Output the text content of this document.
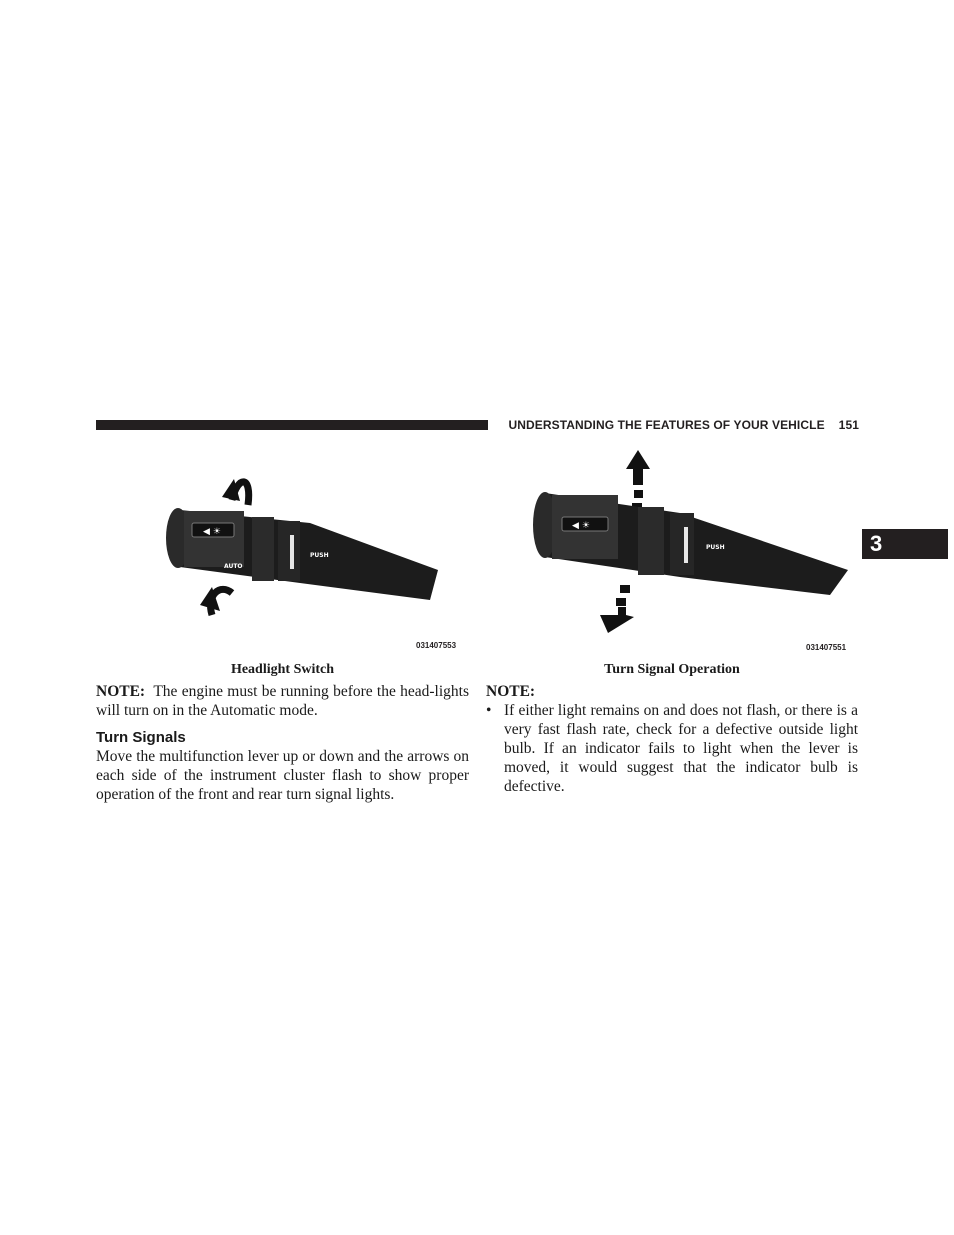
UNDERSTANDING THE FEATURES OF YOUR VEHICLE 151
3
◀ ☀
PUSH
AUTO
031407553
Headlight Switch
◀ ☀
PUSH
031407551
Turn Signal Operation
NOTE: The engine must be running before the head-lights will turn on in the Automatic mode.
Turn Signals
Move the multifunction lever up or down and the arrows on each side of the instrument cluster flash to show proper operation of the front and rear turn signal lights.
NOTE:
• If either light remains on and does not flash, or there is a very fast flash rate, check for a defective outside light bulb. If an indicator fails to light when the lever is moved, it would suggest that the indicator bulb is defective.
